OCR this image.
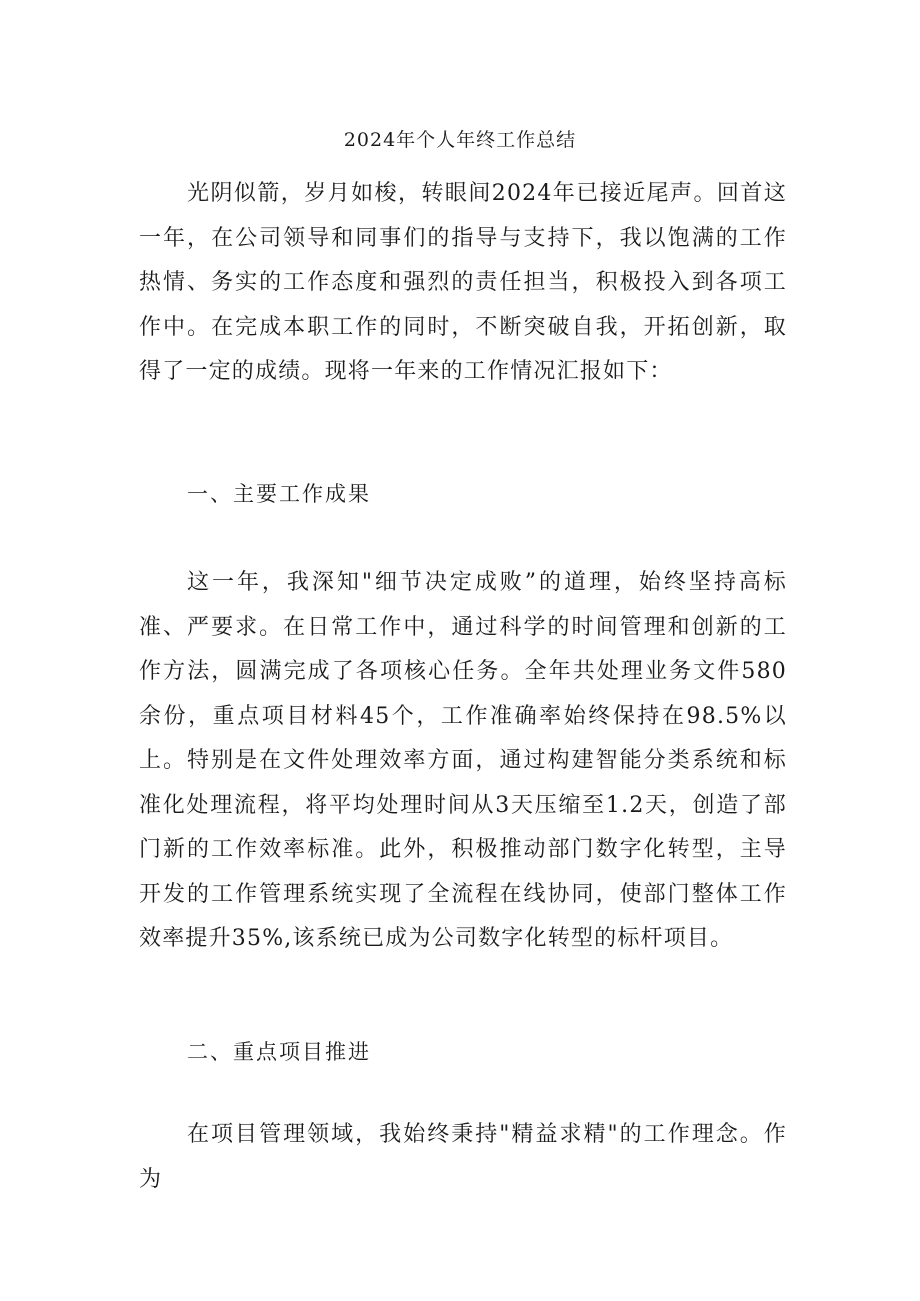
2024年个人年终工作总结

光阴似箭，岁月如梭，转眼间2024年已接近尾声。回首这一年，在公司领导和同事们的指导与支持下，我以饱满的工作热情、务实的工作态度和强烈的责任担当，积极投入到各项工作中。在完成本职工作的同时，不断突破自我，开拓创新，取得了一定的成绩。现将一年来的工作情况汇报如下：

一、主要工作成果

这一年，我深知"细节决定成败”的道理，始终坚持高标准、严要求。在日常工作中，通过科学的时间管理和创新的工作方法，圆满完成了各项核心任务。全年共处理业务文件580余份，重点项目材料45个，工作准确率始终保持在98.5%以上。特别是在文件处理效率方面，通过构建智能分类系统和标准化处理流程，将平均处理时间从3天压缩至1.2天，创造了部门新的工作效率标准。此外，积极推动部门数字化转型，主导开发的工作管理系统实现了全流程在线协同，使部门整体工作效率提升35%,该系统已成为公司数字化转型的标杆项目。

二、重点项目推进

在项目管理领域，我始终秉持"精益求精"的工作理念。作为
